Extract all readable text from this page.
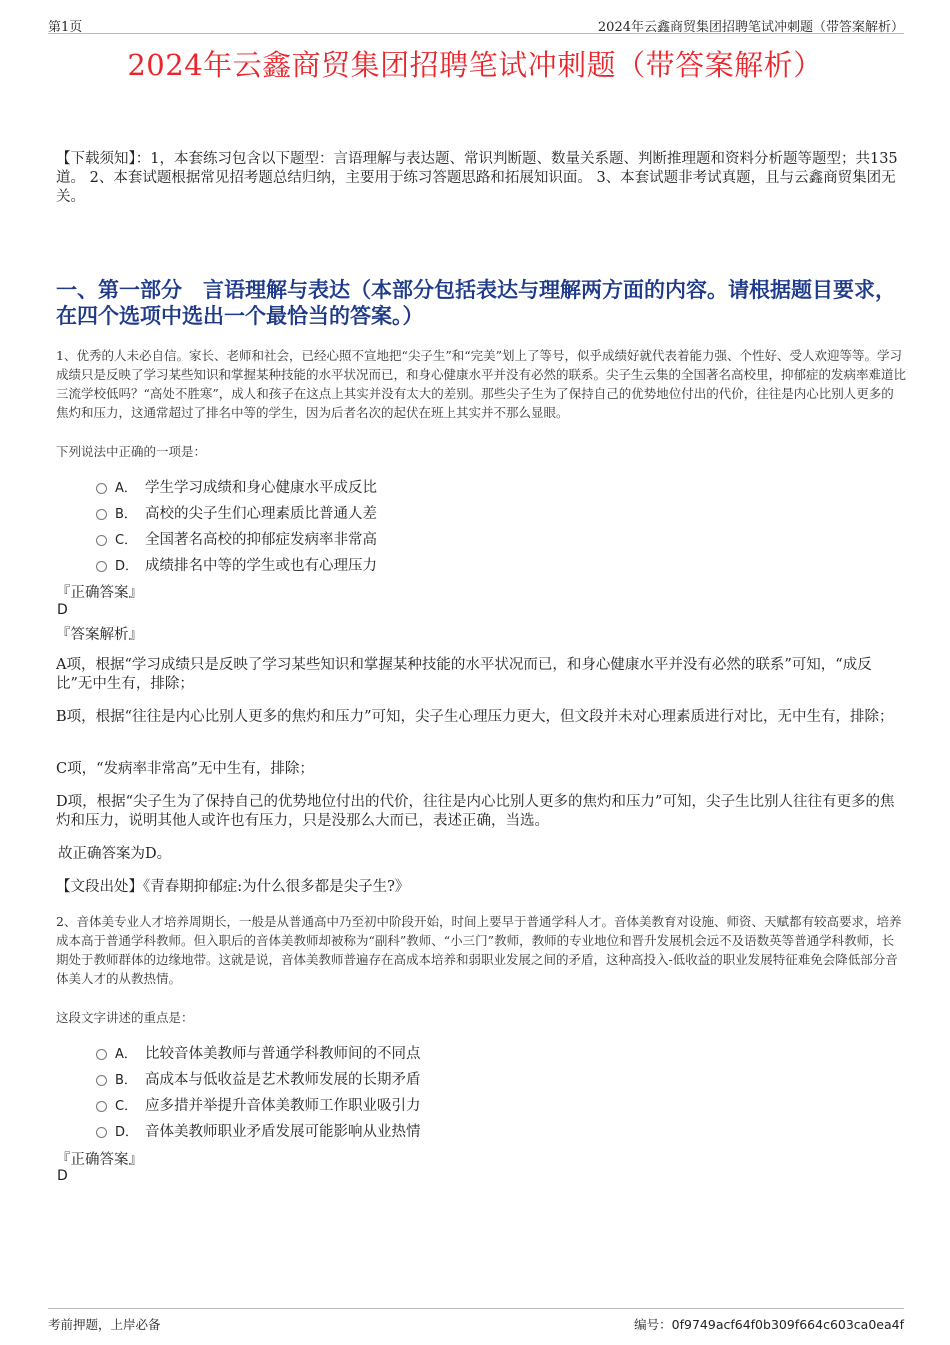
第1页	2024年云鑫商贸集团招聘笔试冲刺题（带答案解析）
2024年云鑫商贸集团招聘笔试冲刺题（带答案解析）

【下载须知】：1，本套练习包含以下题型：言语理解与表达题、常识判断题、数量关系题、判断推理题和资料分析题等题型；共135道。 2、本套试题根据常见招考题总结归纳，主要用于练习答题思路和拓展知识面。 3、本套试题非考试真题，且与云鑫商贸集团无关。

一、第一部分　言语理解与表达（本部分包括表达与理解两方面的内容。请根据题目要求，在四个选项中选出一个最恰当的答案。）

1、优秀的人未必自信。家长、老师和社会，已经心照不宣地把“尖子生”和“完美”划上了等号，似乎成绩好就代表着能力强、个性好、受人欢迎等等。学习成绩只是反映了学习某些知识和掌握某种技能的水平状况而已，和身心健康水平并没有必然的联系。尖子生云集的全国著名高校里，抑郁症的发病率难道比三流学校低吗？“高处不胜寒”，成人和孩子在这点上其实并没有太大的差别。那些尖子生为了保持自己的优势地位付出的代价，往往是内心比别人更多的焦灼和压力，这通常超过了排名中等的学生，因为后者名次的起伏在班上其实并不那么显眼。

下列说法中正确的一项是：

A． 学生学习成绩和身心健康水平成反比
B． 高校的尖子生们心理素质比普通人差
C． 全国著名高校的抑郁症发病率非常高
D． 成绩排名中等的学生或也有心理压力
『正确答案』
D
『答案解析』

A项，根据“学习成绩只是反映了学习某些知识和掌握某种技能的水平状况而已，和身心健康水平并没有必然的联系”可知，“成反比”无中生有，排除；

B项，根据“往往是内心比别人更多的焦灼和压力”可知，尖子生心理压力更大，但文段并未对心理素质进行对比，无中生有，排除；

C项，“发病率非常高”无中生有，排除；

D项，根据“尖子生为了保持自己的优势地位付出的代价，往往是内心比别人更多的焦灼和压力”可知，尖子生比别人往往有更多的焦灼和压力，说明其他人或许也有压力，只是没那么大而已，表述正确，当选。

故正确答案为D。

【文段出处】《青春期抑郁症:为什么很多都是尖子生?》

2、音体美专业人才培养周期长，一般是从普通高中乃至初中阶段开始，时间上要早于普通学科人才。音体美教育对设施、师资、天赋都有较高要求，培养成本高于普通学科教师。但入职后的音体美教师却被称为“副科”教师、“小三门”教师，教师的专业地位和晋升发展机会远不及语数英等普通学科教师，长期处于教师群体的边缘地带。这就是说，音体美教师普遍存在高成本培养和弱职业发展之间的矛盾，这种高投入-低收益的职业发展特征难免会降低部分音体美人才的从教热情。

这段文字讲述的重点是：

A． 比较音体美教师与普通学科教师间的不同点
B． 高成本与低收益是艺术教师发展的长期矛盾
C． 应多措并举提升音体美教师工作职业吸引力
D． 音体美教师职业矛盾发展可能影响从业热情
『正确答案』
D
考前押题，上岸必备	编号：0f9749acf64f0b309f664c603ca0ea4f
